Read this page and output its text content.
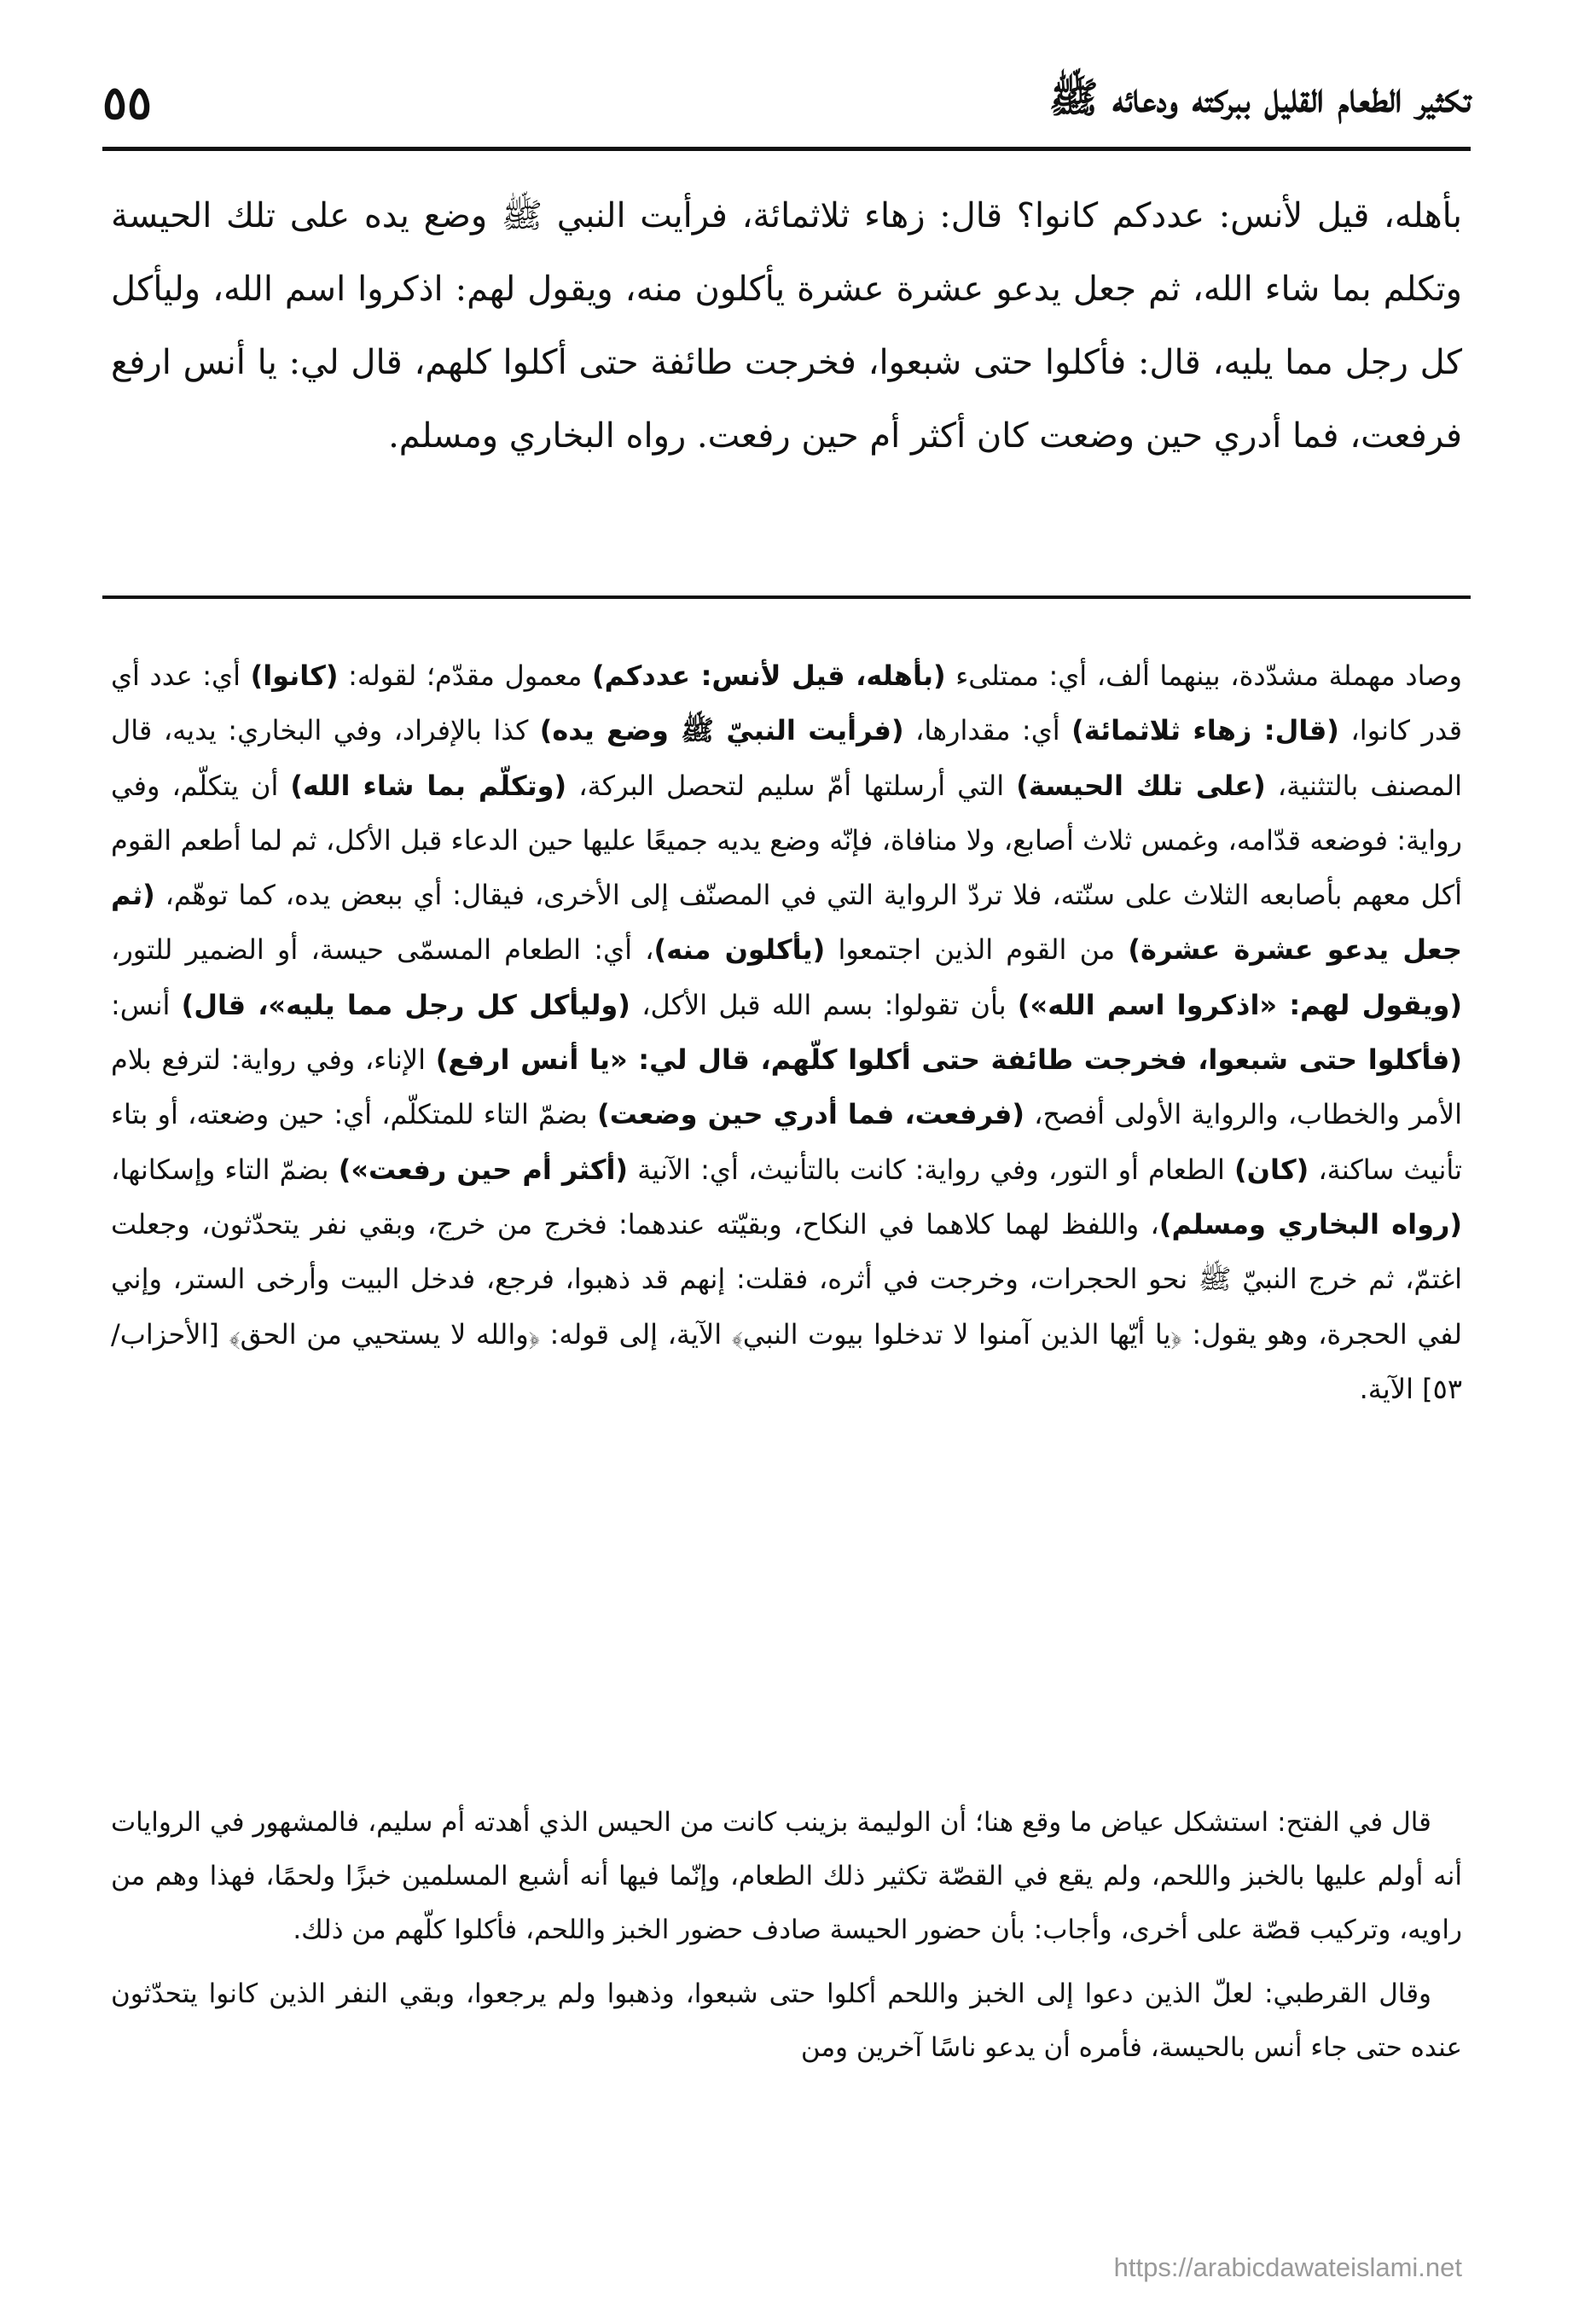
٥٥	تكثير الطعام القليل ببركته ودعائه ﷺ
بأهله، قيل لأنس: عددكم كانوا؟ قال: زهاء ثلاثمائة، فرأيت النبي ﷺ وضع يده على تلك الحيسة وتكلم بما شاء الله، ثم جعل يدعو عشرة عشرة يأكلون منه، ويقول لهم: اذكروا اسم الله، وليأكل كل رجل مما يليه، قال: فأكلوا حتى شبعوا، فخرجت طائفة حتى أكلوا كلهم، قال لي: يا أنس ارفع فرفعت، فما أدري حين وضعت كان أكثر أم حين رفعت. رواه البخاري ومسلم.
وصاد مهملة مشدّدة، بينهما ألف، أي: ممتلىء (بأهله، قيل لأنس: عددكم) معمول مقدّم؛ لقوله: (كانوا) أي: عدد أي قدر كانوا، (قال: زهاء ثلاثمائة) أي: مقدارها، (فرأيت النبيّ ﷺ وضع يده) كذا بالإفراد، وفي البخاري: يديه، قال المصنف بالتثنية، (على تلك الحيسة) التي أرسلتها أمّ سليم لتحصل البركة، (وتكلّم بما شاء الله) أن يتكلّم، وفي رواية: فوضعه قدّامه، وغمس ثلاث أصابع، ولا منافاة، فإنّه وضع يديه جميعًا عليها حين الدعاء قبل الأكل، ثم لما أطعم القوم أكل معهم بأصابعه الثلاث على سنّته، فلا تردّ الرواية التي في المصنّف إلى الأخرى، فيقال: أي ببعض يده، كما توهّم، (ثم جعل يدعو عشرة عشرة) من القوم الذين اجتمعوا (يأكلون منه)، أي: الطعام المسمّى حيسة، أو الضمير للتور، (ويقول لهم: «اذكروا اسم الله») بأن تقولوا: بسم الله قبل الأكل، (وليأكل كل رجل مما يليه»، قال) أنس: (فأكلوا حتى شبعوا، فخرجت طائفة حتى أكلوا كلّهم، قال لي: «يا أنس ارفع) الإناء، وفي رواية: لترفع بلام الأمر والخطاب، والرواية الأولى أفصح، (فرفعت، فما أدري حين وضعت) بضمّ التاء للمتكلّم، أي: حين وضعته، أو بتاء تأنيث ساكنة، (كان) الطعام أو التور، وفي رواية: كانت بالتأنيث، أي: الآنية (أكثر أم حين رفعت») بضمّ التاء وإسكانها، (رواه البخاري ومسلم)، واللفظ لهما كلاهما في النكاح، وبقيّته عندهما: فخرج من خرج، وبقي نفر يتحدّثون، وجعلت اغتمّ، ثم خرج النبيّ ﷺ نحو الحجرات، وخرجت في أثره، فقلت: إنهم قد ذهبوا، فرجع، فدخل البيت وأرخى الستر، وإني لفي الحجرة، وهو يقول: ﴿يا أيّها الذين آمنوا لا تدخلوا بيوت النبي﴾ الآية، إلى قوله: ﴿والله لا يستحيي من الحق﴾ [الأحزاب/٥٣] الآية.

قال في الفتح: استشكل عياض ما وقع هنا؛ أن الوليمة بزينب كانت من الحيس الذي أهدته أم سليم، فالمشهور في الروايات أنه أولم عليها بالخبز واللحم، ولم يقع في القصّة تكثير ذلك الطعام، وإنّما فيها أنه أشبع المسلمين خبزًا ولحمًا، فهذا وهم من راويه، وتركيب قصّة على أخرى، وأجاب: بأن حضور الحيسة صادف حضور الخبز واللحم، فأكلوا كلّهم من ذلك.

وقال القرطبي: لعلّ الذين دعوا إلى الخبز واللحم أكلوا حتى شبعوا، وذهبوا ولم يرجعوا، وبقي النفر الذين كانوا يتحدّثون عنده حتى جاء أنس بالحيسة، فأمره أن يدعو ناسًا آخرين ومن

https://arabicdawateislami.net
